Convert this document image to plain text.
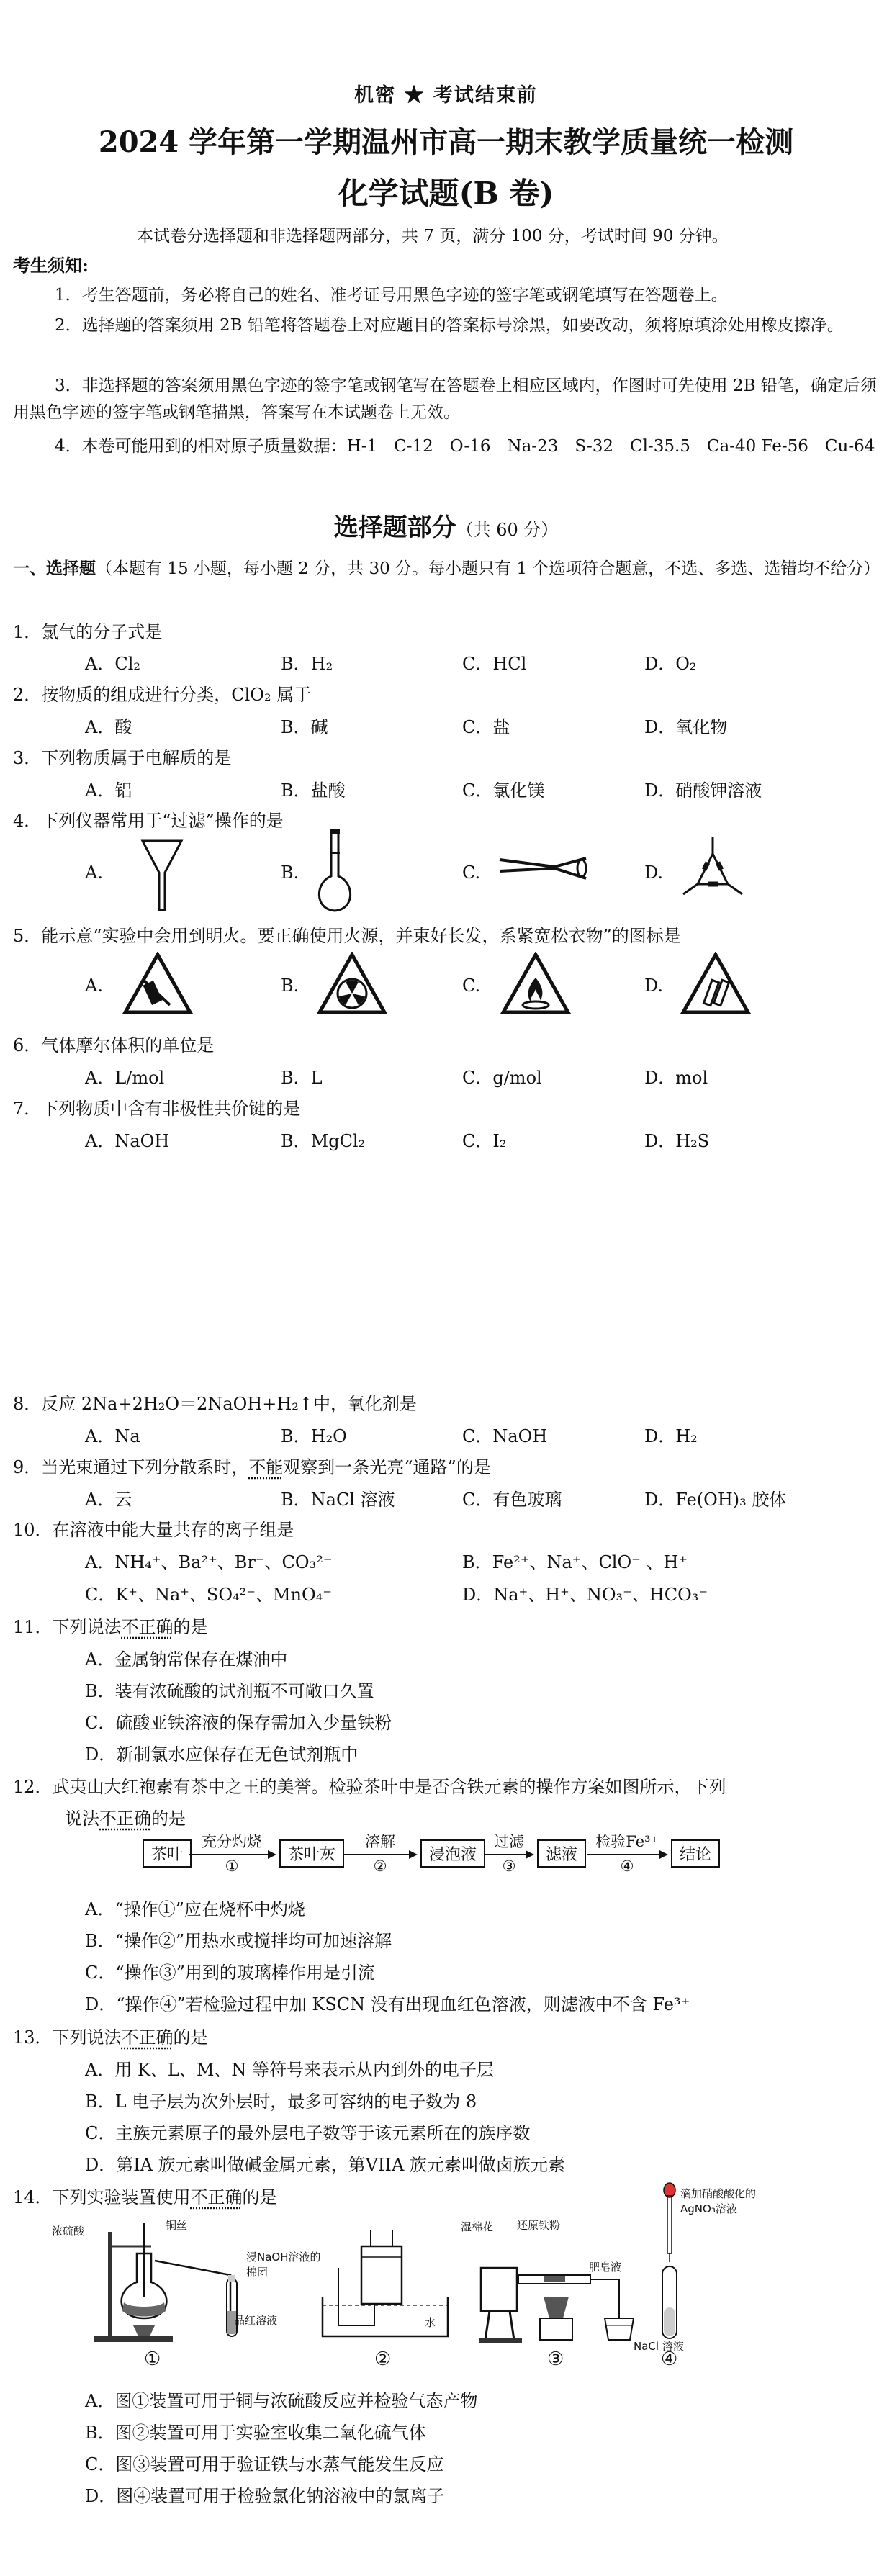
机密 ★ 考试结束前
2024 学年第一学期温州市高一期末教学质量统一检测
化学试题(B 卷)
本试卷分选择题和非选择题两部分，共 7 页，满分 100 分，考试时间 90 分钟。
考生须知:
1．考生答题前，务必将自己的姓名、准考证号用黑色字迹的签字笔或钢笔填写在答题卷上。
2．选择题的答案须用 2B 铅笔将答题卷上对应题目的答案标号涂黑，如要改动，须将原填涂处用橡皮擦净。
3．非选择题的答案须用黑色字迹的签字笔或钢笔写在答题卷上相应区域内，作图时可先使用 2B 铅笔，确定后须用黑色字迹的签字笔或钢笔描黑，答案写在本试题卷上无效。
4．本卷可能用到的相对原子质量数据：H-1　C-12　O-16　Na-23　S-32　Cl-35.5　Ca-40 Fe-56　Cu-64
选择题部分（共 60 分）
一、选择题（本题有 15 小题，每小题 2 分，共 30 分。每小题只有 1 个选项符合题意，不选、多选、选错均不给分）
1．氯气的分子式是
A．Cl₂	B．H₂	C．HCl	D．O₂
2．按物质的组成进行分类，ClO₂ 属于
A．酸	B．碱	C．盐	D．氧化物
3．下列物质属于电解质的是
A．铝	B．盐酸	C．氯化镁	D．硝酸钾溶液
4．下列仪器常用于“过滤”操作的是
A.	B.	C.	D.
5．能示意“实验中会用到明火。要正确使用火源，并束好长发，系紧宽松衣物”的图标是
A.	B.	C.	D.
6．气体摩尔体积的单位是
A．L/mol	B．L	C．g/mol	D．mol
7．下列物质中含有非极性共价键的是
A．NaOH	B．MgCl₂	C．I₂	D．H₂S
8．反应 2Na+2H₂O＝2NaOH+H₂↑中，氧化剂是
A．Na	B．H₂O	C．NaOH	D．H₂
9．当光束通过下列分散系时，不能观察到一条光亮“通路”的是
A．云	B．NaCl 溶液	C．有色玻璃	D．Fe(OH)₃ 胶体
10．在溶液中能大量共存的离子组是
A．NH₄⁺、Ba²⁺、Br⁻、CO₃²⁻	B．Fe²⁺、Na⁺、ClO⁻ 、H⁺
C．K⁺、Na⁺、SO₄²⁻、MnO₄⁻	D．Na⁺、H⁺、NO₃⁻、HCO₃⁻
11．下列说法不正确的是
A．金属钠常保存在煤油中
B．装有浓硫酸的试剂瓶不可敞口久置
C．硫酸亚铁溶液的保存需加入少量铁粉
D．新制氯水应保存在无色试剂瓶中
12．武夷山大红袍素有茶中之王的美誉。检验茶叶中是否含铁元素的操作方案如图所示，下列
说法不正确的是
茶叶
充分灼烧
①
茶叶灰
溶解
②
浸泡液
过滤
③
滤液
检验Fe³⁺
④
结论
A．“操作①”应在烧杯中灼烧
B．“操作②”用热水或搅拌均可加速溶解
C．“操作③”用到的玻璃棒作用是引流
D．“操作④”若检验过程中加 KSCN 没有出现血红色溶液，则滤液中不含 Fe³⁺
13．下列说法不正确的是
A．用 K、L、M、N 等符号来表示从内到外的电子层
B．L 电子层为次外层时，最多可容纳的电子数为 8
C．主族元素原子的最外层电子数等于该元素所在的族序数
D．第IA 族元素叫做碱金属元素，第VIIA 族元素叫做卤族元素
14．下列实验装置使用不正确的是
浓硫酸	铜丝
浸NaOH溶液的棉团
品红溶液
①
水
②
湿棉花 还原铁粉
肥皂液
③
滴加硝酸酸化的AgNO₃溶液
NaCl 溶液
④
A．图①装置可用于铜与浓硫酸反应并检验气态产物
B．图②装置可用于实验室收集二氧化硫气体
C．图③装置可用于验证铁与水蒸气能发生反应
D．图④装置可用于检验氯化钠溶液中的氯离子
